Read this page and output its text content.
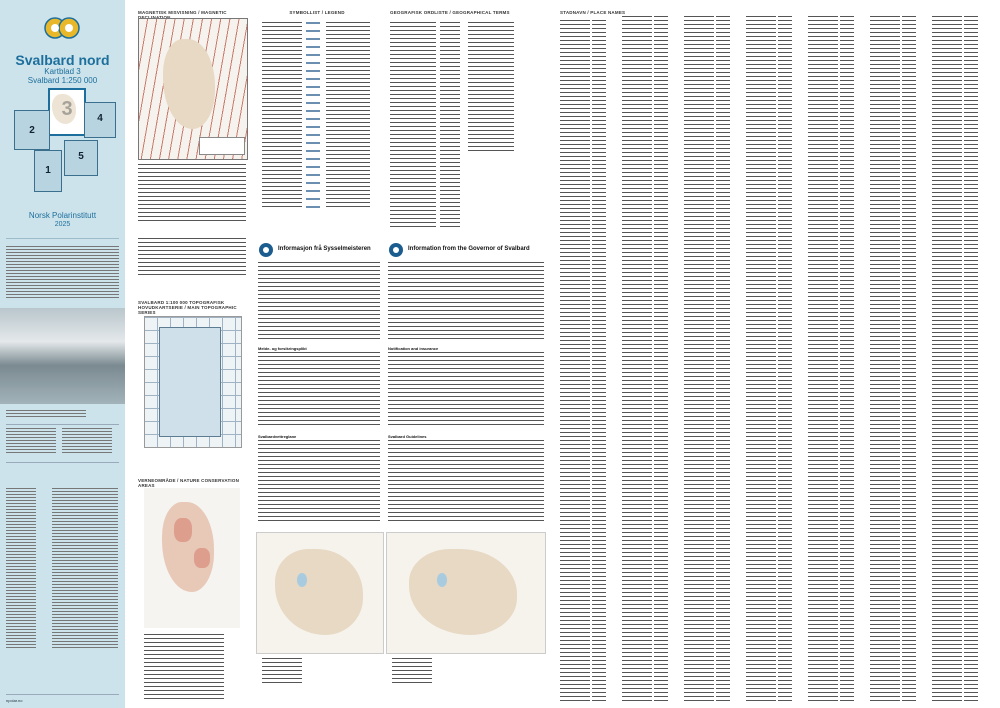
Svalbard nord
Kartblad 3
Svalbard 1:250 000
2
4
1
5
Norsk Polarinstitutt
2025
npolar.no
MAGNETISK MISVISNING / MAGNETIC	SYMBOLLIST / LEGEND	GEOGRAFISK ORDLISTE / GEOGRAPHICAL TERMS
SVALBARD 1:100 000 TOPOGRAFISK HOVUDKARTSERIE / MAIN TOPOGRAPHIC SERIES
VERNEOMRÅDE / NATURE CONSERVATION AREAS
Informasjon frå Sysselmeisteren
Melde- og forsikringsplikt
Svalbardvettreglane
Information from the Governor of Svalbard
Notification and insurance
Svalbard Guidelines
STADNAVN / PLACE NAMES
